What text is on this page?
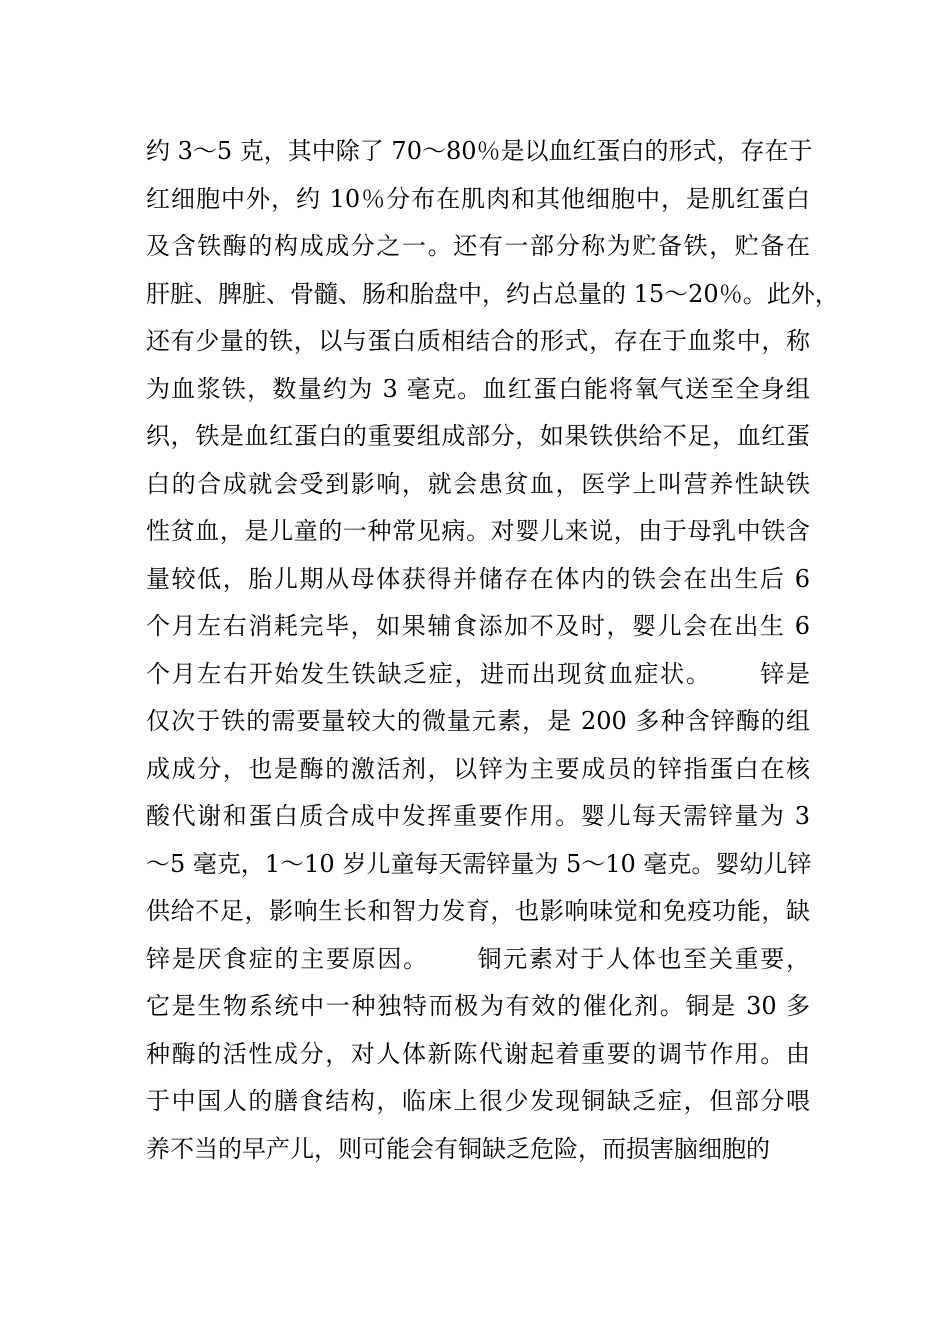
约 3～5 克，其中除了 70～80％是以血红蛋白的形式，存在于
红细胞中外，约 10％分布在肌肉和其他细胞中，是肌红蛋白
及含铁酶的构成成分之一。还有一部分称为贮备铁，贮备在
肝脏、脾脏、骨髓、肠和胎盘中，约占总量的 15～20％。此外，
还有少量的铁，以与蛋白质相结合的形式，存在于血浆中，称
为血浆铁，数量约为 3 毫克。血红蛋白能将氧气送至全身组
织，铁是血红蛋白的重要组成部分，如果铁供给不足，血红蛋
白的合成就会受到影响，就会患贫血，医学上叫营养性缺铁
性贫血，是儿童的一种常见病。对婴儿来说，由于母乳中铁含
量较低，胎儿期从母体获得并储存在体内的铁会在出生后 6
个月左右消耗完毕，如果辅食添加不及时，婴儿会在出生 6
个月左右开始发生铁缺乏症，进而出现贫血症状。　　 锌是
仅次于铁的需要量较大的微量元素，是 200 多种含锌酶的组
成成分，也是酶的激活剂，以锌为主要成员的锌指蛋白在核
酸代谢和蛋白质合成中发挥重要作用。婴儿每天需锌量为 3
～5 毫克，1～10 岁儿童每天需锌量为 5～10 毫克。婴幼儿锌
供给不足，影响生长和智力发育，也影响味觉和免疫功能，缺
锌是厌食症的主要原因。　　 铜元素对于人体也至关重要，
它是生物系统中一种独特而极为有效的催化剂。铜是 30 多
种酶的活性成分，对人体新陈代谢起着重要的调节作用。由
于中国人的膳食结构，临床上很少发现铜缺乏症，但部分喂
养不当的早产儿，则可能会有铜缺乏危险，而损害脑细胞的
